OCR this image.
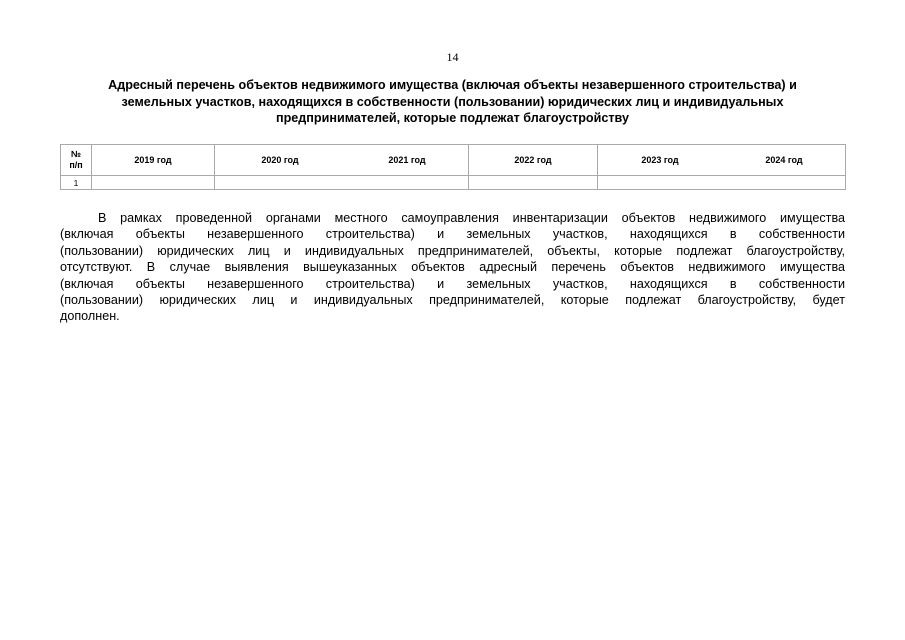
14
Адресный перечень объектов недвижимого имущества (включая объекты незавершенного строительства) и
земельных участков, находящихся в собственности (пользовании) юридических лиц и индивидуальных
предпринимателей, которые подлежат благоустройству
№
п/п	2019 год	2020 год	2021 год	2022 год	2023 год	2024 год
1						

В рамках проведенной органами местного самоуправления инвентаризации объектов недвижимого имущества
(включая объекты незавершенного строительства) и земельных участков, находящихся в собственности
(пользовании) юридических лиц и индивидуальных предпринимателей, объекты, которые подлежат благоустройству,
отсутствуют. В случае выявления вышеуказанных объектов адресный перечень объектов недвижимого имущества
(включая объекты незавершенного строительства) и земельных участков, находящихся в собственности
(пользовании) юридических лиц и индивидуальных предпринимателей, которые подлежат благоустройству, будет
дополнен.
